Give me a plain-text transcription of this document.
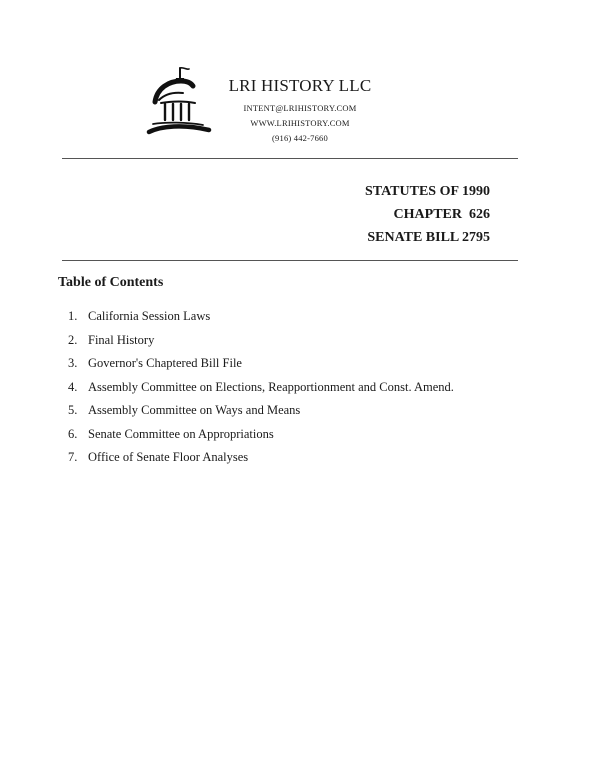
LRI HISTORY LLC
INTENT@LRIHISTORY.COM
WWW.LRIHISTORY.COM
(916) 442-7660
STATUTES OF 1990
CHAPTER  626
SENATE BILL 2795
Table of Contents
1. California Session Laws
2. Final History
3. Governor's Chaptered Bill File
4. Assembly Committee on Elections, Reapportionment and Const. Amend.
5. Assembly Committee on Ways and Means
6. Senate Committee on Appropriations
7. Office of Senate Floor Analyses
